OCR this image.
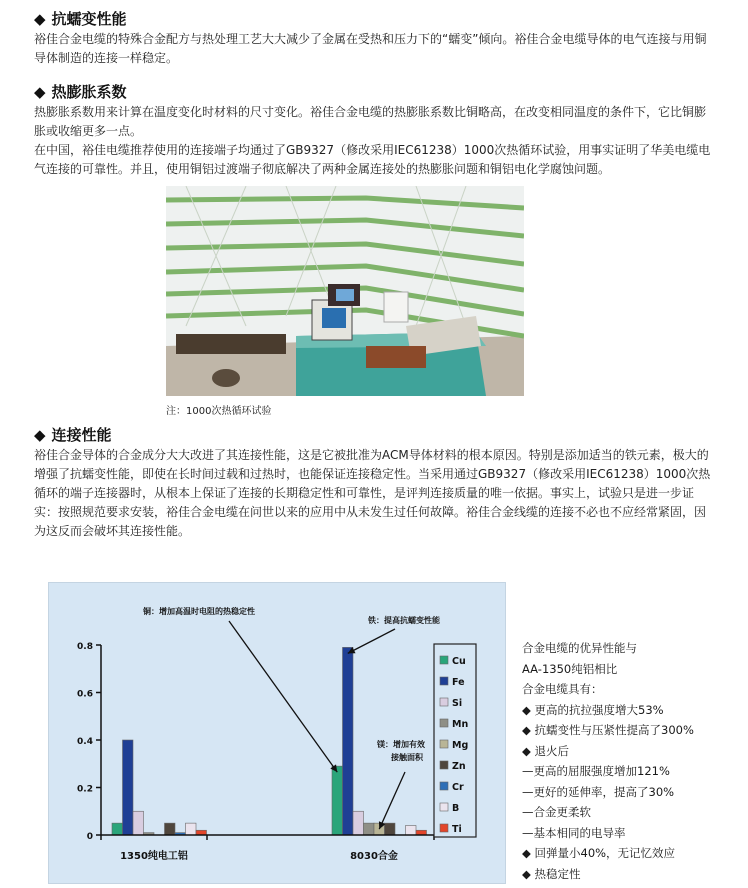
◆ 抗蠕变性能
裕佳合金电缆的特殊合金配方与热处理工艺大大减少了金属在受热和压力下的“蠕变”倾向。裕佳合金电缆导体的电气连接与用铜导体制造的连接一样稳定。
◆ 热膨胀系数
热膨胀系数用来计算在温度变化时材料的尺寸变化。裕佳合金电缆的热膨胀系数比铜略高，在改变相同温度的条件下，它比铜膨胀或收缩更多一点。
在中国，裕佳电缆推荐使用的连接端子均通过了GB9327（修改采用IEC61238）1000次热循环试验，用事实证明了华美电缆电气连接的可靠性。并且，使用铜铝过渡端子彻底解决了两种金属连接处的热膨胀问题和铜铝电化学腐蚀问题。
注：1000次热循环试验
◆ 连接性能
裕佳合金导体的合金成分大大改进了其连接性能，这是它被批准为ACM导体材料的根本原因。特别是添加适当的铁元素，极大的增强了抗蠕变性能，即使在长时间过载和过热时，也能保证连接稳定性。当采用通过GB9327（修改采用IEC61238）1000次热循环的端子连接器时，从根本上保证了连接的长期稳定性和可靠性，是评判连接质量的唯一依据。事实上，试验只是进一步证实：按照规范要求安装，裕佳合金电缆在问世以来的应用中从未发生过任何故障。裕佳合金线缆的连接不必也不应经常紧固，因为这反而会破坏其连接性能。
0
0.2
0.4
0.6
0.8
1350纯电工铝	8030合金
铜：增加高温时电阻的热稳定性
铁：提高抗蠕变性能
镁：增加有效
接触面积
Cu
Fe
Si
Mn
Mg
Zn
Cr
B
Ti
合金电缆的优异性能与
AA-1350纯铝相比
合金电缆具有：
◆ 更高的抗拉强度增大53%
◆ 抗蠕变性与压紧性提高了300%
◆ 退火后
—更高的屈服强度增加121%
—更好的延伸率，提高了30%
—合金更柔软
—基本相同的电导率
◆ 回弹量小40%，无记忆效应
◆ 热稳定性
